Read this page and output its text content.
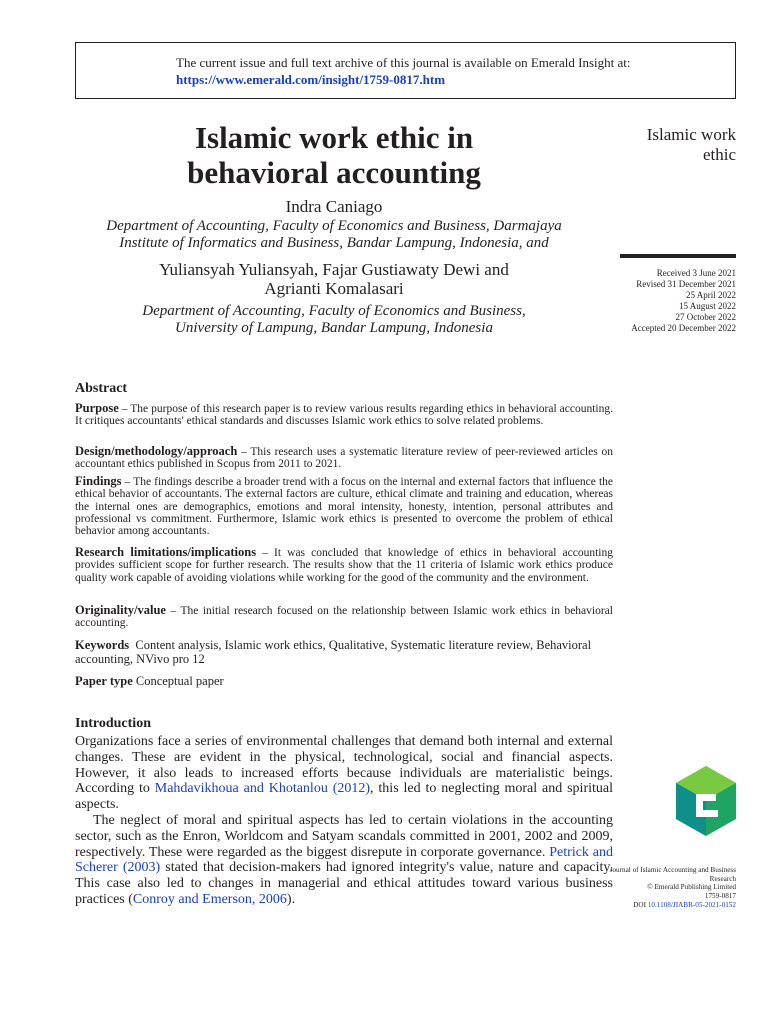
The current issue and full text archive of this journal is available on Emerald Insight at:
https://www.emerald.com/insight/1759-0817.htm
Islamic work ethic in
behavioral accounting
Islamic work
ethic
Received 3 June 2021
Revised 31 December 2021
25 April 2022
15 August 2022
27 October 2022
Accepted 20 December 2022
Indra Caniago
Department of Accounting, Faculty of Economics and Business, Darmajaya
Institute of Informatics and Business, Bandar Lampung, Indonesia, and
Yuliansyah Yuliansyah, Fajar Gustiawaty Dewi and
Agrianti Komalasari
Department of Accounting, Faculty of Economics and Business,
University of Lampung, Bandar Lampung, Indonesia
Abstract
Purpose – The purpose of this research paper is to review various results regarding ethics in behavioral accounting. It critiques accountants' ethical standards and discusses Islamic work ethics to solve related problems.
Design/methodology/approach – This research uses a systematic literature review of peer-reviewed articles on accountant ethics published in Scopus from 2011 to 2021.
Findings – The findings describe a broader trend with a focus on the internal and external factors that influence the ethical behavior of accountants. The external factors are culture, ethical climate and training and education, whereas the internal ones are demographics, emotions and moral intensity, honesty, intention, personal attributes and professional vs commitment. Furthermore, Islamic work ethics is presented to overcome the problem of ethical behavior among accountants.
Research limitations/implications – It was concluded that knowledge of ethics in behavioral accounting provides sufficient scope for further research. The results show that the 11 criteria of Islamic work ethics produce quality work capable of avoiding violations while working for the good of the community and the environment.
Originality/value – The initial research focused on the relationship between Islamic work ethics in behavioral accounting.
Keywords Content analysis, Islamic work ethics, Qualitative, Systematic literature review, Behavioral accounting, NVivo pro 12
Paper type Conceptual paper
Introduction
Organizations face a series of environmental challenges that demand both internal and external changes. These are evident in the physical, technological, social and financial aspects. However, it also leads to increased efforts because individuals are materialistic beings. According to Mahdavikhoua and Khotanlou (2012), this led to neglecting moral and spiritual aspects.
The neglect of moral and spiritual aspects has led to certain violations in the accounting sector, such as the Enron, Worldcom and Satyam scandals committed in 2001, 2002 and 2009, respectively. These were regarded as the biggest disrepute in corporate governance. Petrick and Scherer (2003) stated that decision-makers had ignored integrity's value, nature and capacity. This case also led to changes in managerial and ethical attitudes toward various business practices (Conroy and Emerson, 2006).
Journal of Islamic Accounting and Business Research
© Emerald Publishing Limited
1759-0817
DOI 10.1108/JIABR-05-2021-0152
